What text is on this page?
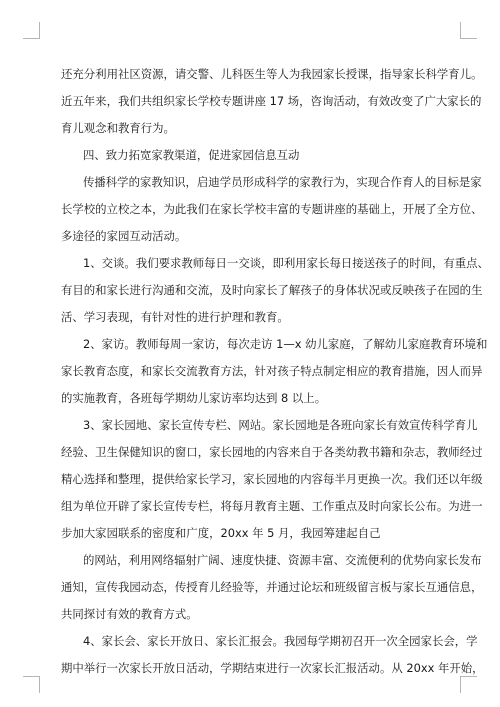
还充分利用社区资源，请交警、儿科医生等人为我园家长授课，指导家长科学育儿。

近五年来，我们共组织家长学校专题讲座 17 场，咨询活动，有效改变了广大家长的

育儿观念和教育行为。

四、致力拓宽家教渠道，促进家园信息互动

传播科学的家教知识，启迪学员形成科学的家教行为，实现合作育人的目标是家

长学校的立校之本，为此我们在家长学校丰富的专题讲座的基础上，开展了全方位、

多途径的家园互动活动。

1、交谈。我们要求教师每日一交谈，即利用家长每日接送孩子的时间，有重点、

有目的和家长进行沟通和交流，及时向家长了解孩子的身体状况或反映孩子在园的生

活、学习表现，有针对性的进行护理和教育。

2、家访。教师每周一家访，每次走访 1—x 幼儿家庭，了解幼儿家庭教育环境和

家长教育态度，和家长交流教育方法，针对孩子特点制定相应的教育措施，因人而异

的实施教育，各班每学期幼儿家访率均达到 8 以上。

3、家长园地、家长宣传专栏、网站。家长园地是各班向家长有效宣传科学育儿

经验、卫生保健知识的窗口，家长园地的内容来自于各类幼教书籍和杂志，教师经过

精心选择和整理，提供给家长学习，家长园地的内容每半月更换一次。我们还以年级

组为单位开辟了家长宣传专栏，将每月教育主题、工作重点及时向家长公布。为进一

步加大家园联系的密度和广度，20xx 年 5 月，我园筹建起自己

的网站，利用网络辐射广阔、速度快捷、资源丰富、交流便利的优势向家长发布

通知，宣传我园动态，传授育儿经验等，并通过论坛和班级留言板与家长互通信息，

共同探讨有效的教育方式。

4、家长会、家长开放日、家长汇报会。我园每学期初召开一次全园家长会，学

期中举行一次家长开放日活动，学期结束进行一次家长汇报活动。从 20xx 年开始，
